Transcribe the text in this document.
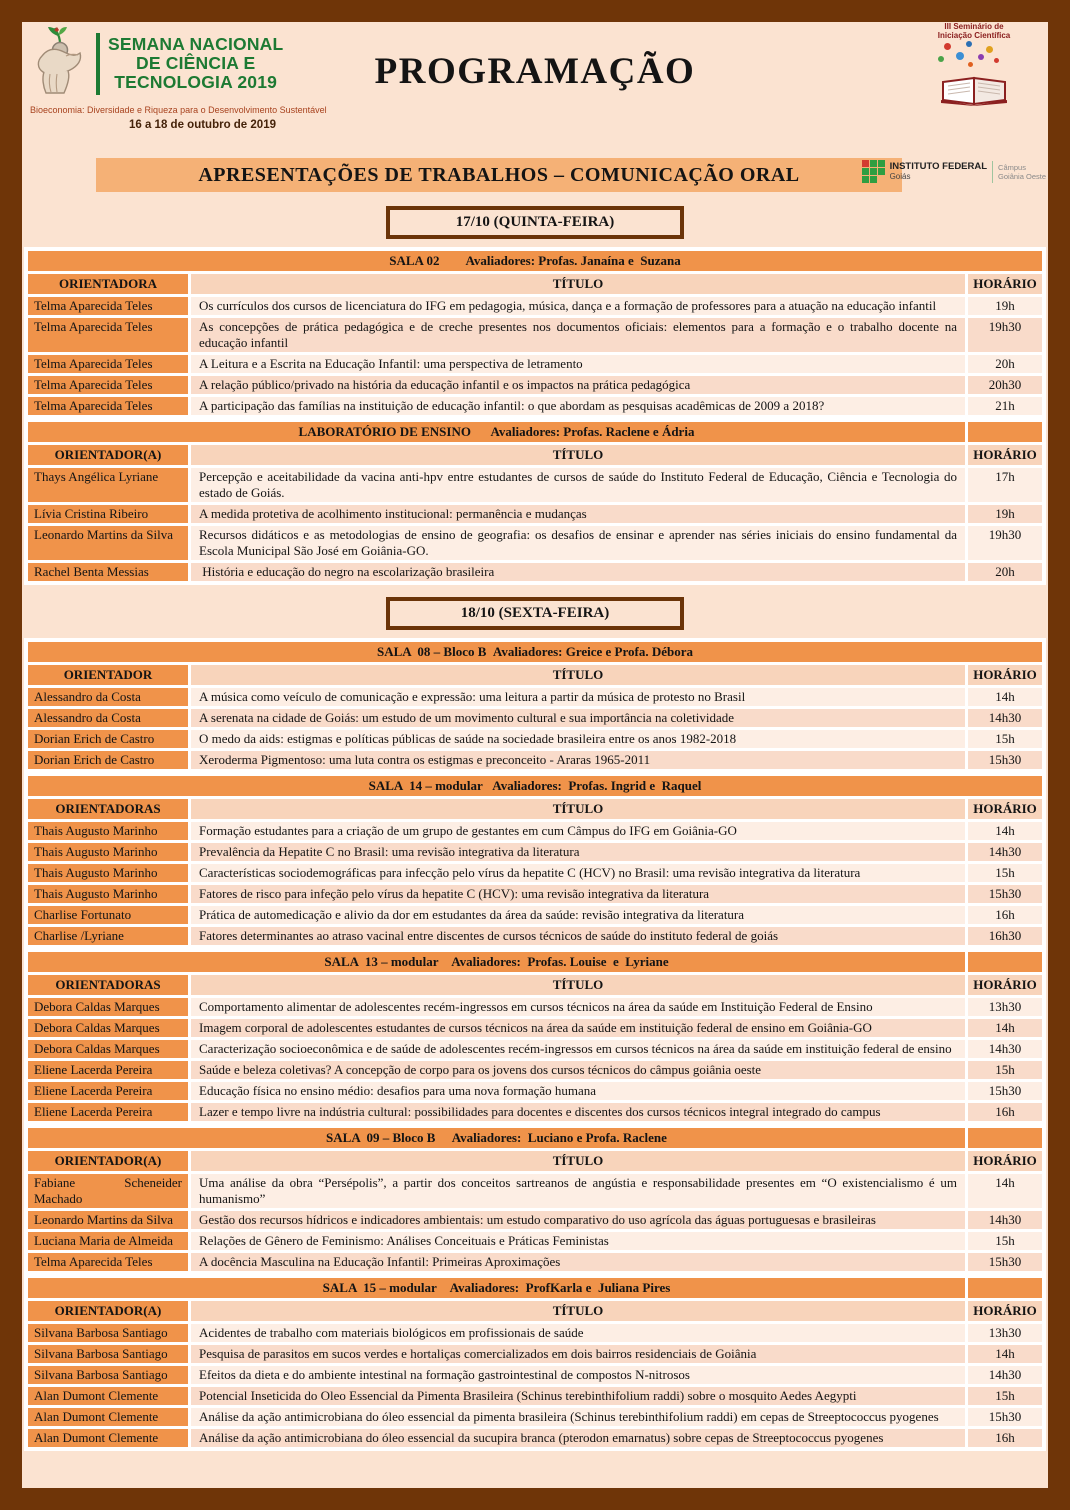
SEMANA NACIONAL
DE CIÊNCIA E
TECNOLOGIA 2019
Bioeconomia: Diversidade e Riqueza para o Desenvolvimento Sustentável
16 a 18 de outubro de 2019
PROGRAMAÇÃO
III Seminário de
Iniciação Científica
APRESENTAÇÕES DE TRABALHOS – COMUNICAÇÃO ORAL	INSTITUTO FEDERAL
Goiás
Câmpus
Goiânia Oeste
17/10 (QUINTA-FEIRA)
SALA 02        Avaliadores: Profas. Janaína e  Suzana		
ORIENTADORA	TÍTULO	HORÁRIO
Telma Aparecida Teles	Os currículos dos cursos de licenciatura do IFG em pedagogia, música, dança e a formação de professores para a atuação na educação infantil	19h
Telma Aparecida Teles	As concepções de prática pedagógica e de creche presentes nos documentos oficiais: elementos para a formação e o trabalho docente na educação infantil	19h30
Telma Aparecida Teles	A Leitura e a Escrita na Educação Infantil: uma perspectiva de letramento	20h
Telma Aparecida Teles	A relação público/privado na história da educação infantil e os impactos na prática pedagógica	20h30
Telma Aparecida Teles	A participação das famílias na instituição de educação infantil: o que abordam as pesquisas acadêmicas de 2009 a 2018?	21h
LABORATÓRIO DE ENSINO      Avaliadores: Profas. Raclene e Ádria		
ORIENTADOR(A)	TÍTULO	HORÁRIO
Thays Angélica Lyriane	Percepção e aceitabilidade da vacina anti-hpv entre estudantes de cursos de saúde do Instituto Federal de Educação, Ciência e Tecnologia do estado de Goiás.	17h
Lívia Cristina Ribeiro	A medida protetiva de acolhimento institucional: permanência e mudanças	19h
Leonardo Martins da Silva	Recursos didáticos e as metodologias de ensino de geografia: os desafios de ensinar e aprender nas séries iniciais do ensino fundamental da Escola Municipal São José em Goiânia-GO.	19h30
Rachel Benta Messias	História e educação do negro na escolarização brasileira	20h
18/10 (SEXTA-FEIRA)
SALA  08 – Bloco B  Avaliadores: Greice e Profa. Débora		
ORIENTADOR	TÍTULO	HORÁRIO
Alessandro da Costa	A música como veículo de comunicação e expressão: uma leitura a partir da música de protesto no Brasil	14h
Alessandro da Costa	A serenata na cidade de Goiás: um estudo de um movimento cultural e sua importância na coletividade	14h30
Dorian Erich de Castro	O medo da aids: estigmas e políticas públicas de saúde na sociedade brasileira entre os anos 1982-2018	15h
Dorian Erich de Castro	Xeroderma Pigmentoso: uma luta contra os estigmas e preconceito - Araras 1965-2011	15h30
SALA  14 – modular   Avaliadores:  Profas. Ingrid e  Raquel		
ORIENTADORAS	TÍTULO	HORÁRIO
Thais Augusto Marinho	Formação estudantes para a criação de um grupo de gestantes em cum Câmpus do IFG em Goiânia-GO	14h
Thais Augusto Marinho	Prevalência da Hepatite C no Brasil: uma revisão integrativa da literatura	14h30
Thais Augusto Marinho	Características sociodemográficas para infecção pelo vírus da hepatite C (HCV) no Brasil: uma revisão integrativa da literatura	15h
Thais Augusto Marinho	Fatores de risco para infeção pelo vírus da hepatite C (HCV): uma revisão integrativa da literatura	15h30
Charlise Fortunato	Prática de automedicação e alivio da dor em estudantes da área da saúde: revisão integrativa da literatura	16h
Charlise /Lyriane	Fatores determinantes ao atraso vacinal entre discentes de cursos técnicos de saúde do instituto federal de goiás	16h30
SALA  13 – modular    Avaliadores:  Profas. Louise  e  Lyriane		
ORIENTADORAS	TÍTULO	HORÁRIO
Debora Caldas Marques	Comportamento alimentar de adolescentes recém-ingressos em cursos técnicos na área da saúde em Instituição Federal de Ensino	13h30
Debora Caldas Marques	Imagem corporal de adolescentes estudantes de cursos técnicos na área da saúde em instituição federal de ensino em Goiânia-GO	14h
Debora Caldas Marques	Caracterização socioeconômica e de saúde de adolescentes recém-ingressos em cursos técnicos na área da saúde em instituição federal de ensino	14h30
Eliene Lacerda Pereira	Saúde e beleza coletivas? A concepção de corpo para os jovens dos cursos técnicos do câmpus goiânia oeste	15h
Eliene Lacerda Pereira	Educação física no ensino médio: desafios para uma nova formação humana	15h30
Eliene Lacerda Pereira	Lazer e tempo livre na indústria cultural: possibilidades para docentes e discentes dos cursos técnicos integral integrado do campus	16h
SALA  09 – Bloco B     Avaliadores:  Luciano e Profa. Raclene		
ORIENTADOR(A)	TÍTULO	HORÁRIO
Fabiane Scheneider Machado	Uma análise da obra “Persépolis”, a partir dos conceitos sartreanos de angústia e responsabilidade presentes em “O existencialismo é um humanismo”	14h
Leonardo Martins da Silva	Gestão dos recursos hídricos e indicadores ambientais: um estudo comparativo do uso agrícola das águas portuguesas e brasileiras	14h30
Luciana Maria de Almeida	Relações de Gênero de Feminismo: Análises Conceituais e Práticas Feministas	15h
Telma Aparecida Teles	A docência Masculina na Educação Infantil: Primeiras Aproximações	15h30
SALA  15 – modular    Avaliadores:  ProfKarla e  Juliana Pires		
ORIENTADOR(A)	TÍTULO	HORÁRIO
Silvana Barbosa Santiago	Acidentes de trabalho com materiais biológicos em profissionais de saúde	13h30
Silvana Barbosa Santiago	Pesquisa de parasitos em sucos verdes e hortaliças comercializados em dois bairros residenciais de Goiânia	14h
Silvana Barbosa Santiago	Efeitos da dieta e do ambiente intestinal na formação gastrointestinal de compostos N-nitrosos	14h30
Alan Dumont Clemente	Potencial Inseticida do Oleo Essencial da Pimenta Brasileira (Schinus terebinthifolium raddi) sobre o mosquito Aedes Aegypti	15h
Alan Dumont Clemente	Análise da ação antimicrobiana do óleo essencial da pimenta brasileira (Schinus terebinthifolium raddi) em cepas de Streeptococcus pyogenes	15h30
Alan Dumont Clemente	Análise da ação antimicrobiana do óleo essencial da sucupira branca (pterodon emarnatus) sobre cepas de Streeptococcus pyogenes	16h
